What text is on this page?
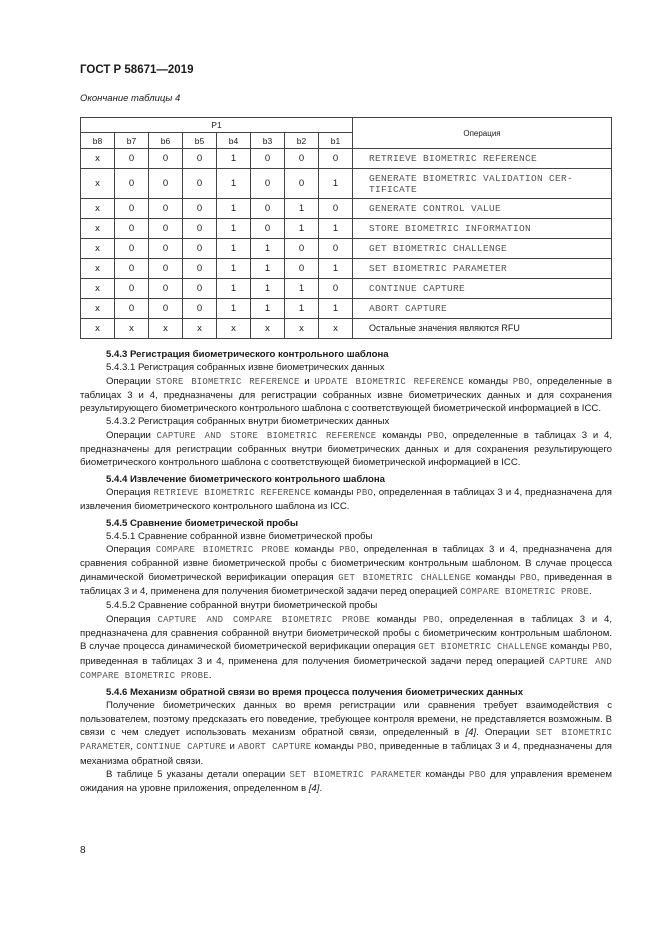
ГОСТ Р 58671—2019
Окончание таблицы 4
P1								Операция
b8	b7	b6	b5	b4	b3	b2	b1	
x	0	0	0	1	0	0	0	RETRIEVE BIOMETRIC REFERENCE
x	0	0	0	1	0	0	1	GENERATE BIOMETRIC VALIDATION CER-TIFICATE
x	0	0	0	1	0	1	0	GENERATE CONTROL VALUE
x	0	0	0	1	0	1	1	STORE BIOMETRIC INFORMATION
x	0	0	0	1	1	0	0	GET BIOMETRIC CHALLENGE
x	0	0	0	1	1	0	1	SET BIOMETRIC PARAMETER
x	0	0	0	1	1	1	0	CONTINUE CAPTURE
x	0	0	0	1	1	1	1	ABORT CAPTURE
x	x	x	x	x	x	x	x	Остальные значения являются RFU

5.4.3 Регистрация биометрического контрольного шаблона

5.4.3.1 Регистрация собранных извне биометрических данных

Операции STORE BIOMETRIC REFERENCE и UPDATE BIOMETRIC REFERENCE команды PBO, определенные в таблицах 3 и 4, предназначены для регистрации собранных извне биометрических данных и для сохранения результирующего биометрического контрольного шаблона с соответствующей биометрической информацией в ICC.

5.4.3.2 Регистрация собранных внутри биометрических данных

Операции CAPTURE AND STORE BIOMETRIC REFERENCE команды PBO, определенные в таблицах 3 и 4, предназначены для регистрации собранных внутри биометрических данных и для сохранения результирующего биометрического контрольного шаблона с соответствующей биометрической информацией в ICC.

5.4.4 Извлечение биометрического контрольного шаблона

Операция RETRIEVE BIOMETRIC REFERENCE команды PBO, определенная в таблицах 3 и 4, предназначена для извлечения биометрического контрольного шаблона из ICC.

5.4.5 Сравнение биометрической пробы

5.4.5.1 Сравнение собранной извне биометрической пробы

Операция COMPARE BIOMETRIC PROBE команды PBO, определенная в таблицах 3 и 4, предназначена для сравнения собранной извне биометрической пробы с биометрическим контрольным шаблоном. В случае процесса динамической биометрической верификации операция GET BIOMETRIC CHALLENGE команды PBO, приведенная в таблицах 3 и 4, применена для получения биометрической задачи перед операцией COMPARE BIOMETRIC PROBE.

5.4.5.2 Сравнение собранной внутри биометрической пробы

Операция CAPTURE AND COMPARE BIOMETRIC PROBE команды PBO, определенная в таблицах 3 и 4, предназначена для сравнения собранной внутри биометрической пробы с биометрическим контрольным шаблоном. В случае процесса динамической биометрической верификации операция GET BIOMETRIC CHALLENGE команды PBO, приведенная в таблицах 3 и 4, применена для получения биометрической задачи перед операцией CAPTURE AND COMPARE BIOMETRIC PROBE.

5.4.6 Механизм обратной связи во время процесса получения биометрических данных

Получение биометрических данных во время регистрации или сравнения требует взаимодействия с пользователем, поэтому предсказать его поведение, требующее контроля времени, не представляется возможным. В связи с чем следует использовать механизм обратной связи, определенный в [4]. Операции SET BIOMETRIC PARAMETER, CONTINUE CAPTURE и ABORT CAPTURE команды PBO, приведенные в таблицах 3 и 4, предназначены для механизма обратной связи.

В таблице 5 указаны детали операции SET BIOMETRIC PARAMETER команды PBO для управления временем ожидания на уровне приложения, определенном в [4].

8
